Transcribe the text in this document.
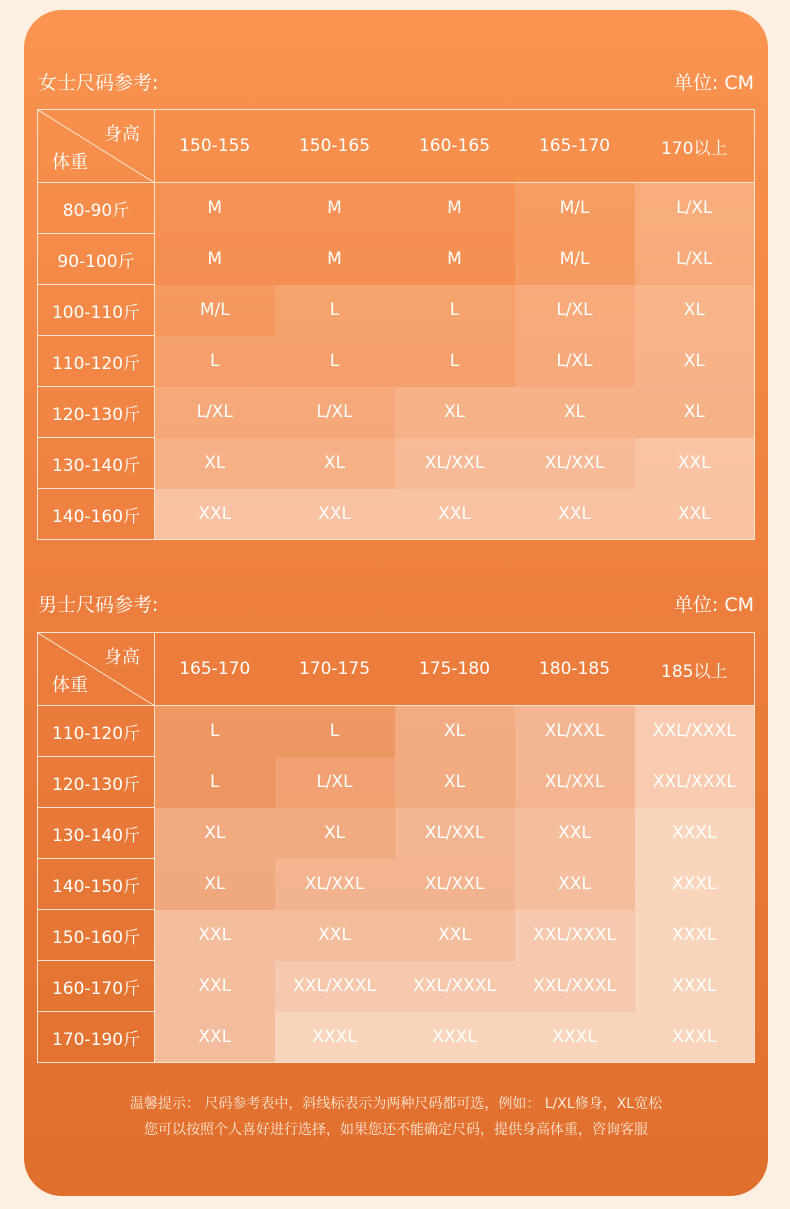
女士尺码参考:	单位: CM
身高
体重	150-155	150-165	160-165	165-170	170以上
80-90斤	M	M	M	M/L	L/XL
90-100斤	M	M	M	M/L	L/XL
100-110斤	M/L	L	L	L/XL	XL
110-120斤	L	L	L	L/XL	XL
120-130斤	L/XL	L/XL	XL	XL	XL
130-140斤	XL	XL	XL/XXL	XL/XXL	XXL
140-160斤	XXL	XXL	XXL	XXL	XXL
男士尺码参考:	单位: CM
身高
体重	165-170	170-175	175-180	180-185	185以上
110-120斤	L	L	XL	XL/XXL	XXL/XXXL
120-130斤	L	L/XL	XL	XL/XXL	XXL/XXXL
130-140斤	XL	XL	XL/XXL	XXL	XXXL
140-150斤	XL	XL/XXL	XL/XXL	XXL	XXXL
150-160斤	XXL	XXL	XXL	XXL/XXXL	XXXL
160-170斤	XXL	XXL/XXXL	XXL/XXXL	XXL/XXXL	XXXL
170-190斤	XXL	XXXL	XXXL	XXXL	XXXL
温馨提示： 尺码参考表中，斜线标表示为两种尺码都可选，例如： L/XL修身，XL宽松
您可以按照个人喜好进行选择，如果您还不能确定尺码，提供身高体重，咨询客服
